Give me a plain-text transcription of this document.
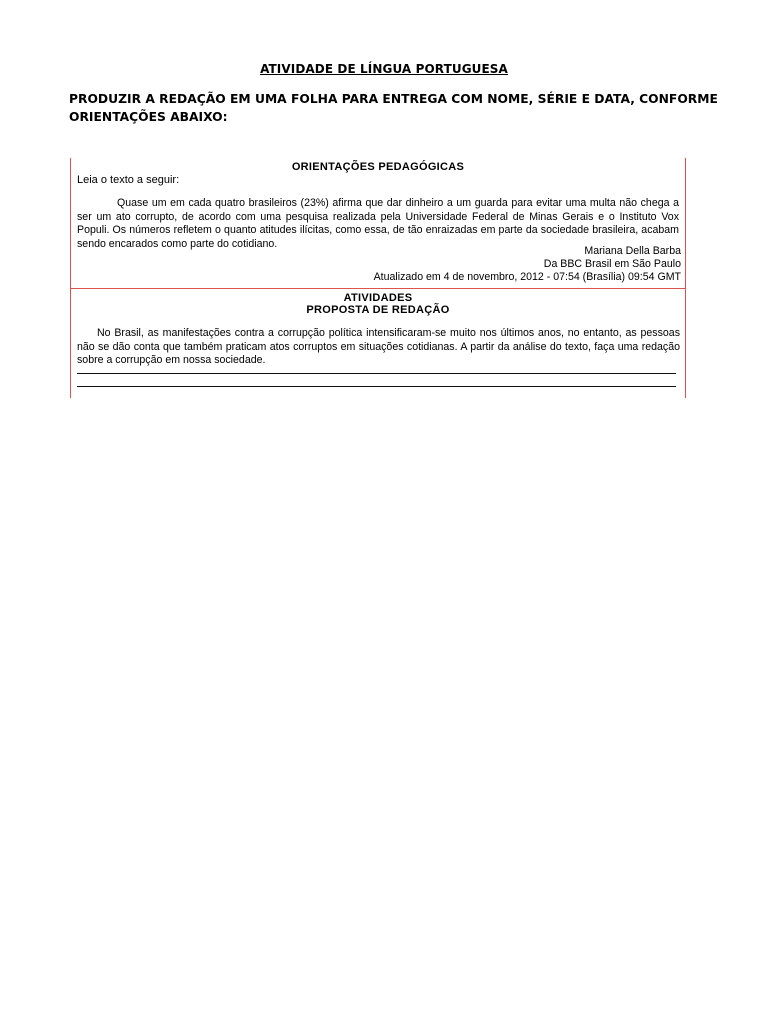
ATIVIDADE DE LÍNGUA PORTUGUESA
PRODUZIR A REDAÇÃO EM UMA FOLHA PARA ENTREGA COM NOME, SÉRIE E DATA, CONFORME ORIENTAÇÕES ABAIXO:
ORIENTAÇÕES PEDAGÓGICAS
Leia o texto a seguir:
Quase um em cada quatro brasileiros (23%) afirma que dar dinheiro a um guarda para evitar uma multa não chega a ser um ato corrupto, de acordo com uma pesquisa realizada pela Universidade Federal de Minas Gerais e o Instituto Vox Populi. Os números refletem o quanto atitudes ilícitas, como essa, de tão enraizadas em parte da sociedade brasileira, acabam sendo encarados como parte do cotidiano.
Mariana Della Barba
Da BBC Brasil em São Paulo
Atualizado em 4 de novembro, 2012 - 07:54 (Brasília) 09:54 GMT
ATIVIDADES
PROPOSTA DE REDAÇÃO
No Brasil, as manifestações contra a corrupção política intensificaram-se muito nos últimos anos, no entanto, as pessoas não se dão conta que também praticam atos corruptos em situações cotidianas. A partir da análise do texto, faça uma redação sobre a corrupção em nossa sociedade.
